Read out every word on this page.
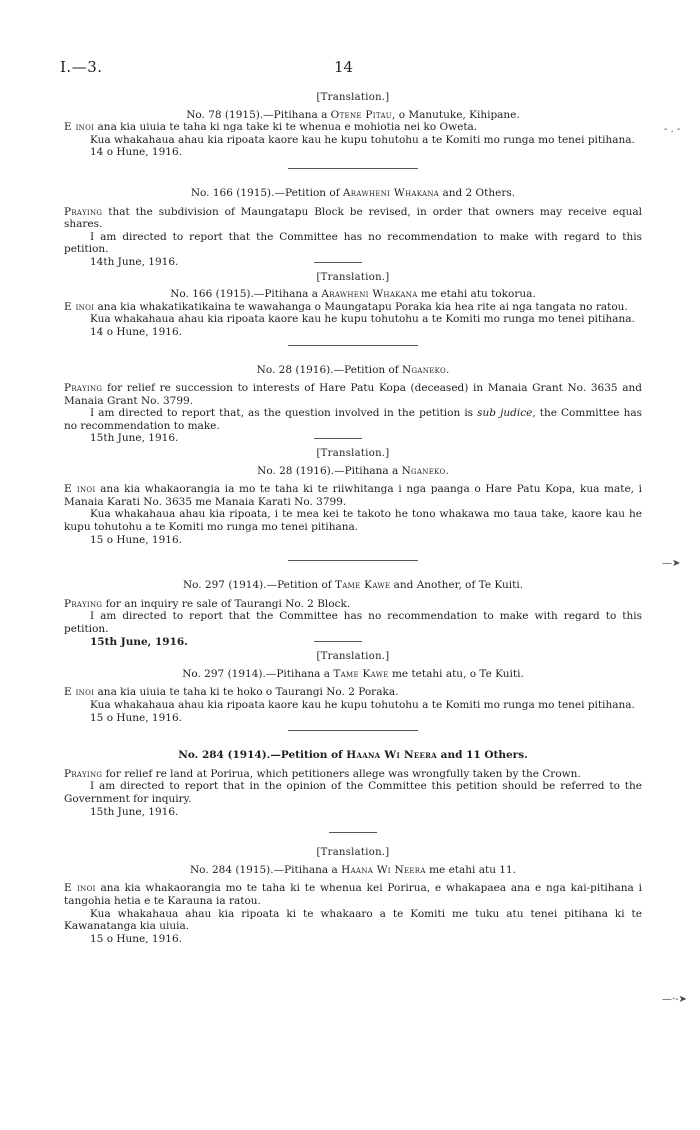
I.—3.	14
[Translation.]

No. 78 (1915).—Pitihana a Otene Pitau, o Manutuke, Kihipane.

E inoi ana kia uiuia te taha ki nga take ki te whenua e mohiotia nei ko Oweta.

Kua whakahaua ahau kia ripoata kaore kau he kupu tohutohu a te Komiti mo runga mo tenei pitihana.

14 o Hune, 1916.

No. 166 (1915).—Petition of Arawheni Whakana and 2 Others.

Praying that the subdivision of Maungatapu Block be revised, in order that owners may receive equal shares.

I am directed to report that the Committee has no recommendation to make with regard to this petition.

14th June, 1916.

[Translation.]

No. 166 (1915).—Pitihana a Arawheni Whakana me etahi atu tokorua.

E inoi ana kia whakatikatikaina te wawahanga o Maungatapu Poraka kia hea rite ai nga tangata no ratou.

Kua whakahaua ahau kia ripoata kaore kau he kupu tohutohu a te Komiti mo runga mo tenei pitihana.

14 o Hune, 1916.

No. 28 (1916).—Petition of Nganeko.

Praying for relief re succession to interests of Hare Patu Kopa (deceased) in Manaia Grant No. 3635 and Manaia Grant No. 3799.

I am directed to report that, as the question involved in the petition is sub judice, the Committee has no recommendation to make.

15th June, 1916.

[Translation.]

No. 28 (1916).—Pitihana a Nganeko.

E inoi ana kia whakaorangia ia mo te taha ki te riiwhitanga i nga paanga o Hare Patu Kopa, kua mate, i Manaia Karati No. 3635 me Manaia Karati No. 3799.

Kua whakahaua ahau kia ripoata, i te mea kei te takoto he tono whakawa mo taua take, kaore kau he kupu tohutohu a te Komiti mo runga mo tenei pitihana.

15 o Hune, 1916.

No. 297 (1914).—Petition of Tame Kawe and Another, of Te Kuiti.

Praying for an inquiry re sale of Taurangi No. 2 Block.

I am directed to report that the Committee has no recommendation to make with regard to this petition.

15th June, 1916.

[Translation.]

No. 297 (1914).—Pitihana a Tame Kawe me tetahi atu, o Te Kuiti.

E inoi ana kia uiuia te taha ki te hoko o Taurangi No. 2 Poraka.

Kua whakahaua ahau kia ripoata kaore kau he kupu tohutohu a te Komiti mo runga mo tenei pitihana.

15 o Hune, 1916.

No. 284 (1914).—Petition of Haana Wi Neera and 11 Others.

Praying for relief re land at Porirua, which petitioners allege was wrongfully taken by the Crown.

I am directed to report that in the opinion of the Committee this petition should be referred to the Government for inquiry.

15th June, 1916.

[Translation.]

No. 284 (1915).—Pitihana a Haana Wi Neera me etahi atu 11.

E inoi ana kia whakaorangia mo te taha ki te whenua kei Porirua, e whakapaea ana e nga kai-pitihana i tangohia hetia e te Karauna ia ratou.

Kua whakahaua ahau kia ripoata ki te whakaaro a te Komiti me tuku atu tenei pitihana ki te Kawanatanga kia uiuia.

15 o Hune, 1916.

- . -
—➤
—·-➤
